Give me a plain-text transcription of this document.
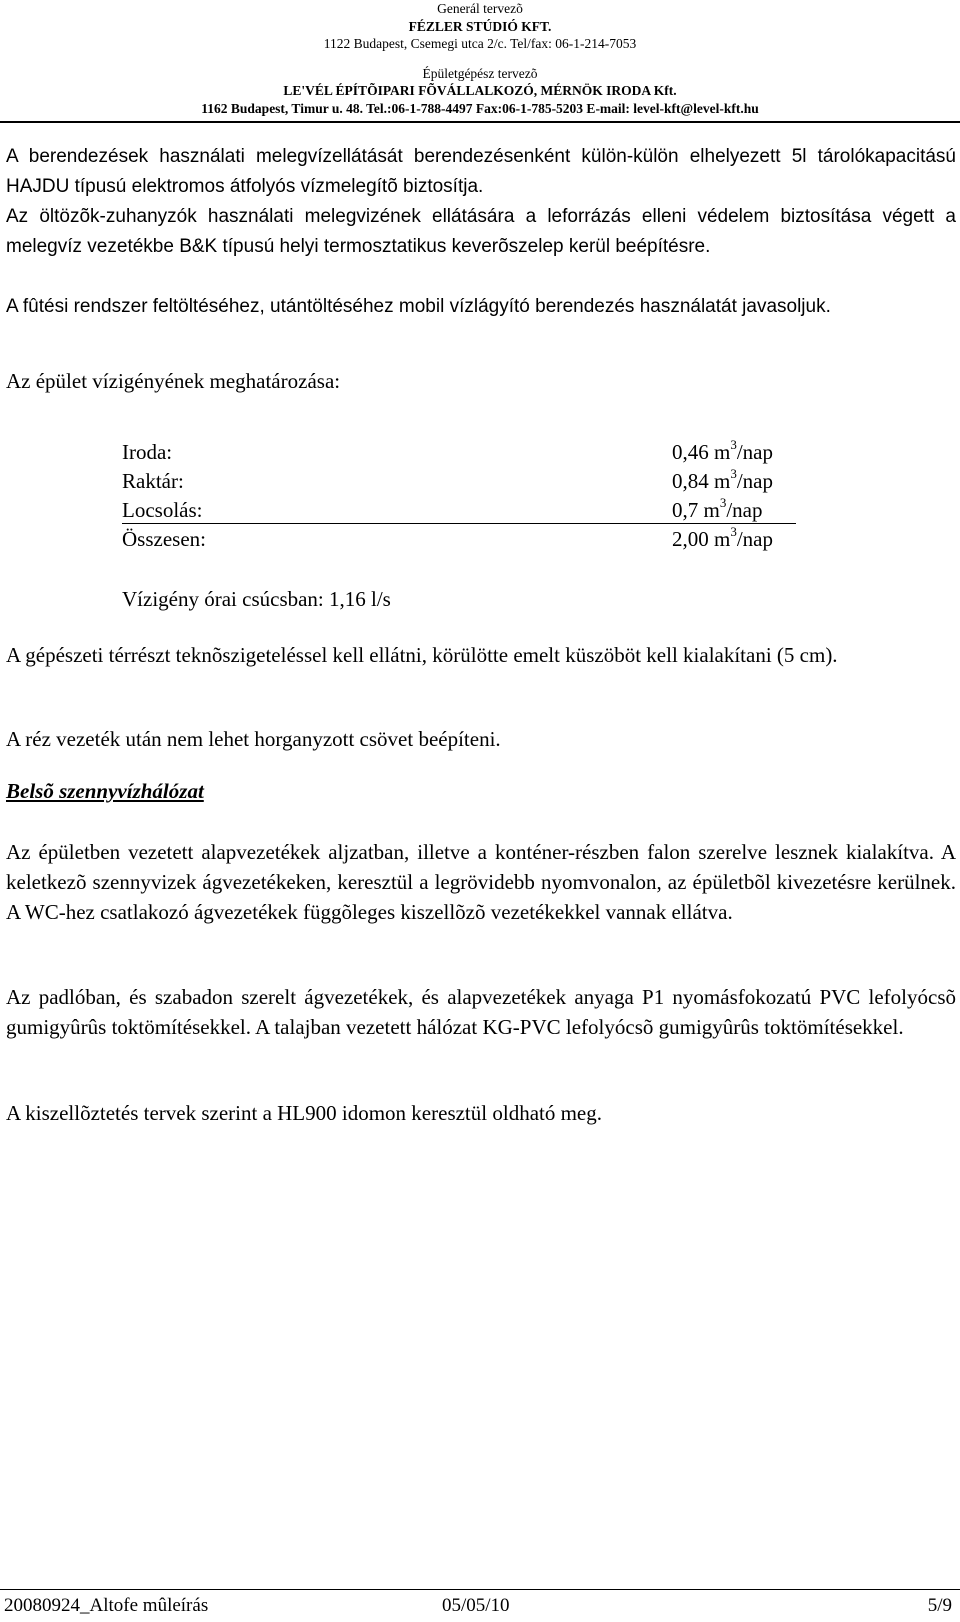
Generál tervezõ
FÉZLER STÚDIÓ KFT.
1122 Budapest, Csemegi utca 2/c. Tel/fax: 06-1-214-7053
Épületgépész tervezõ
LE'VÉL ÉPÍTÕIPARI FÕVÁLLALKOZÓ, MÉRNÖK IRODA Kft.
1162 Budapest, Timur u. 48. Tel.:06-1-788-4497 Fax:06-1-785-5203 E-mail: level-kft@level-kft.hu

A berendezések használati melegvízellátását berendezésenként külön-külön elhelyezett 5l tárolókapacitású HAJDU típusú elektromos átfolyós vízmelegítõ biztosítja.

Az öltözõk-zuhanyzók használati melegvizének ellátására a leforrázás elleni védelem biztosítása végett a melegvíz vezetékbe B&K típusú helyi termosztatikus keverõszelep kerül beépítésre.

A fûtési rendszer feltöltéséhez, utántöltéséhez mobil vízlágyító berendezés használatát javasoljuk.

Az épület vízigényének meghatározása:

Iroda:	0,46 $m^3$/nap
Raktár:	0,84 $m^3$/nap
Locsolás:	0,7 $m^3$/nap
Összesen:	2,00 $m^3$/nap
Vízigény órai csúcsban: 1,16 l/s

A gépészeti térrészt teknõszigeteléssel kell ellátni, körülötte emelt küszöböt kell kialakítani (5 cm).

A réz vezeték után nem lehet horganyzott csövet beépíteni.

Belsõ szennyvízhálózat

Az épületben vezetett alapvezetékek aljzatban, illetve a konténer-részben falon szerelve lesznek kialakítva. A keletkezõ szennyvizek ágvezetékeken, keresztül a legrövidebb nyomvonalon, az épületbõl kivezetésre kerülnek. A WC-hez csatlakozó ágvezetékek függõleges kiszellõzõ vezetékekkel vannak ellátva.

Az padlóban, és szabadon szerelt ágvezetékek, és alapvezetékek anyaga P1 nyomásfokozatú PVC lefolyócsõ gumigyûrûs toktömítésekkel. A talajban vezetett hálózat KG-PVC lefolyócsõ gumigyûrûs toktömítésekkel.

A kiszellõztetés tervek szerint a HL900 idomon keresztül oldható meg.

20080924_Altofe mûleírás	05/05/10	5/9
